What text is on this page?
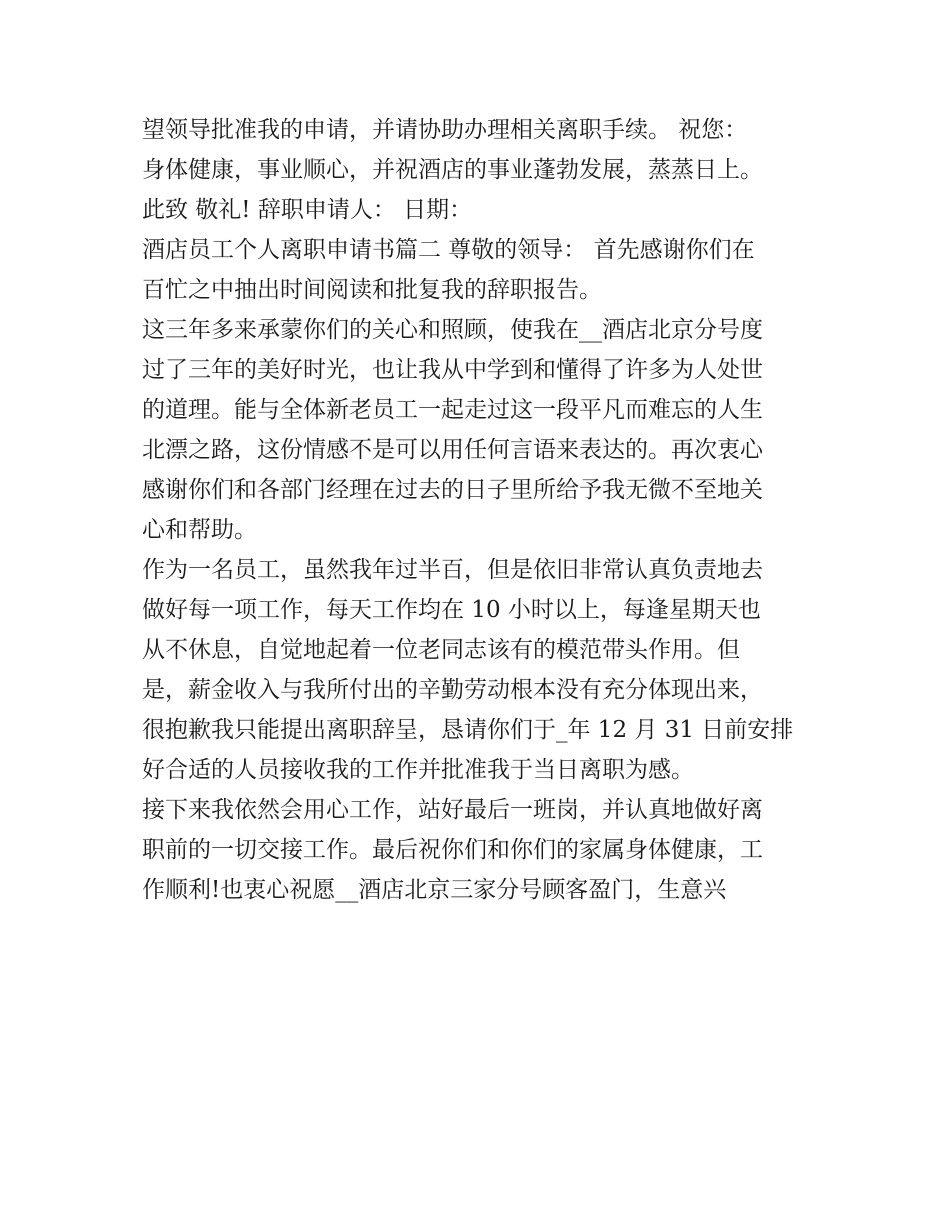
望领导批准我的申请，并请协助办理相关离职手续。 祝您：
身体健康，事业顺心，并祝酒店的事业蓬勃发展，蒸蒸日上。
此致 敬礼! 辞职申请人： 日期：
酒店员工个人离职申请书篇二 尊敬的领导： 首先感谢你们在
百忙之中抽出时间阅读和批复我的辞职报告。
这三年多来承蒙你们的关心和照顾，使我在__酒店北京分号度
过了三年的美好时光，也让我从中学到和懂得了许多为人处世
的道理。能与全体新老员工一起走过这一段平凡而难忘的人生
北漂之路，这份情感不是可以用任何言语来表达的。再次衷心
感谢你们和各部门经理在过去的日子里所给予我无微不至地关
心和帮助。
作为一名员工，虽然我年过半百，但是依旧非常认真负责地去
做好每一项工作，每天工作均在 10 小时以上，每逢星期天也
从不休息，自觉地起着一位老同志该有的模范带头作用。但
是，薪金收入与我所付出的辛勤劳动根本没有充分体现出来，
很抱歉我只能提出离职辞呈，恳请你们于_年 12 月 31 日前安排
好合适的人员接收我的工作并批准我于当日离职为感。
接下来我依然会用心工作，站好最后一班岗，并认真地做好离
职前的一切交接工作。最后祝你们和你们的家属身体健康，工
作顺利!也衷心祝愿__酒店北京三家分号顾客盈门，生意兴
